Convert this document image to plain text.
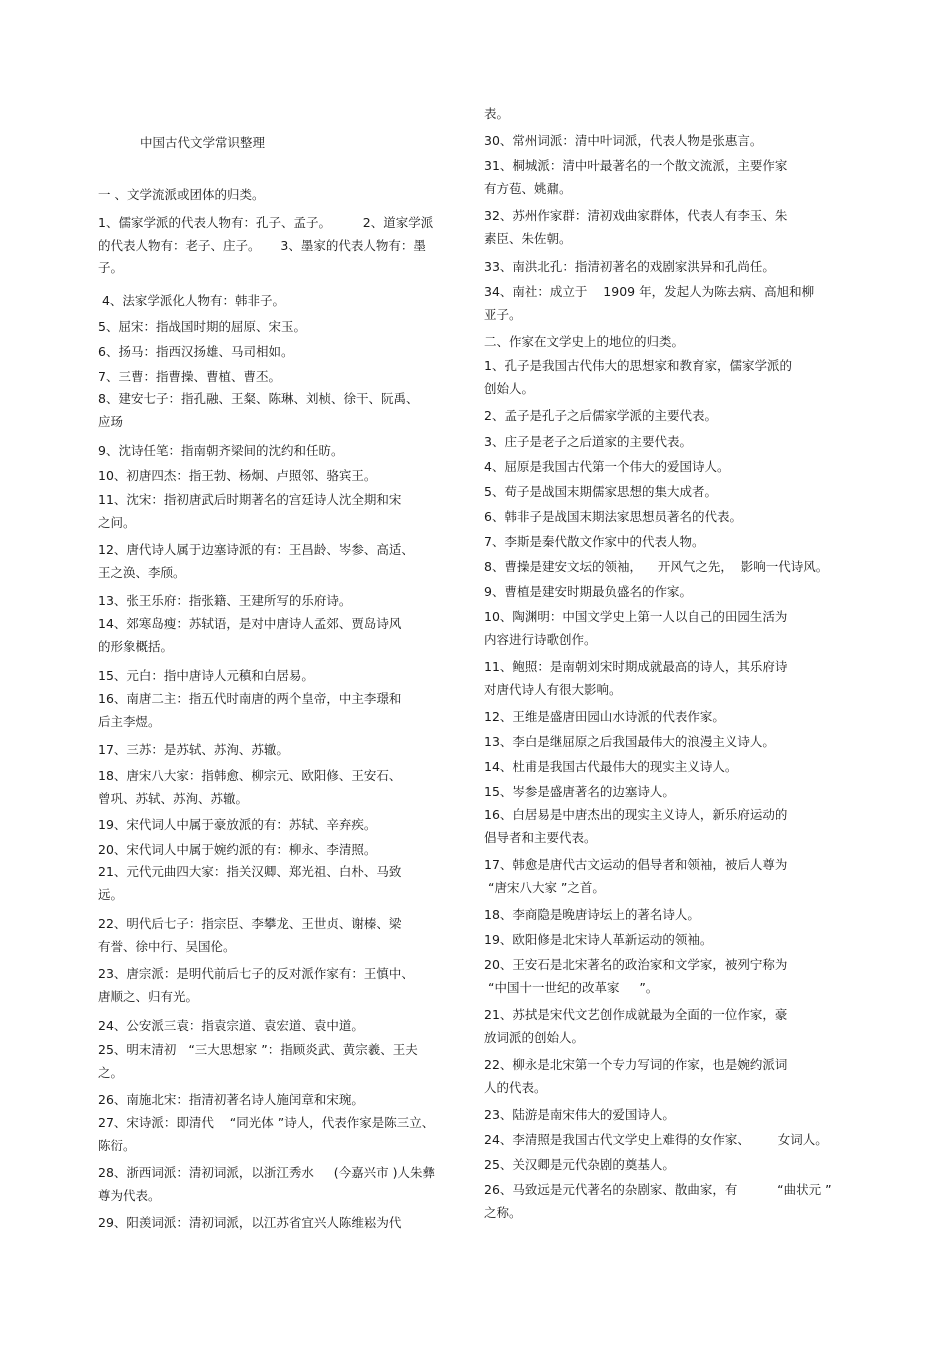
中国古代文学常识整理

一 、文学流派或团体的归类。

1、儒家学派的代表人物有：孔子、孟子。        2、道家学派
的代表人物有：老子、庄子。     3、墨家的代表人物有：墨
子。

4、法家学派化人物有：韩非子。

5、屈宋：指战国时期的屈原、宋玉。

6、扬马：指西汉扬雄、马司相如。

7、三曹：指曹操、曹植、曹丕。

8、建安七子：指孔融、王粲、陈琳、刘桢、徐干、阮禹、
应玚

9、沈诗任笔：指南朝齐梁间的沈约和任昉。

10、初唐四杰：指王勃、杨炯、卢照邻、骆宾王。

11、沈宋：指初唐武后时期著名的宫廷诗人沈全期和宋
之问。

12、唐代诗人属于边塞诗派的有：王昌龄、岑参、高适、
王之涣、李颀。

13、张王乐府：指张籍、王建所写的乐府诗。

14、郊寒岛瘦：苏轼语，是对中唐诗人孟郊、贾岛诗风
的形象概括。

15、元白：指中唐诗人元稹和白居易。

16、南唐二主：指五代时南唐的两个皇帝，中主李璟和
后主李煜。

17、三苏：是苏轼、苏洵、苏辙。

18、唐宋八大家：指韩愈、柳宗元、欧阳修、王安石、
曾巩、苏轼、苏洵、苏辙。

19、宋代词人中属于豪放派的有：苏轼、辛弃疾。

20、宋代词人中属于婉约派的有：柳永、李清照。

21、元代元曲四大家：指关汉卿、郑光祖、白朴、马致
远。

22、明代后七子：指宗臣、李攀龙、王世贞、谢榛、梁
有誉、徐中行、吴国伦。

23、唐宗派：是明代前后七子的反对派作家有：王慎中、
唐顺之、归有光。

24、公安派三袁：指袁宗道、袁宏道、袁中道。

25、明末清初   “三大思想家 ”：指顾炎武、黄宗羲、王夫
之。

26、南施北宋：指清初著名诗人施闰章和宋琬。

27、宋诗派：即清代    “同光体 ”诗人，代表作家是陈三立、
陈衍。

28、浙西词派：清初词派，以浙江秀水     (今嘉兴市 )人朱彝
尊为代表。

29、阳羡词派：清初词派，以江苏省宜兴人陈维崧为代

表。

30、常州词派：清中叶词派，代表人物是张惠言。

31、桐城派：清中叶最著名的一个散文流派，主要作家
有方苞、姚鼐。

32、苏州作家群：清初戏曲家群体，代表人有李玉、朱
素臣、朱佐朝。

33、南洪北孔：指清初著名的戏剧家洪异和孔尚任。

34、南社：成立于    1909 年，发起人为陈去病、高旭和柳
亚子。

二、作家在文学史上的地位的归类。

1、孔子是我国古代伟大的思想家和教育家，儒家学派的
创始人。

2、孟子是孔子之后儒家学派的主要代表。

3、庄子是老子之后道家的主要代表。

4、屈原是我国古代第一个伟大的爱国诗人。

5、荀子是战国末期儒家思想的集大成者。

6、韩非子是战国末期法家思想员著名的代表。

7、李斯是秦代散文作家中的代表人物。

8、曹操是建安文坛的领袖，    开风气之先，  影响一代诗风。

9、曹植是建安时期最负盛名的作家。

10、陶渊明：中国文学史上第一人以自己的田园生活为
内容进行诗歌创作。

11、鲍照：是南朝刘宋时期成就最高的诗人，其乐府诗
对唐代诗人有很大影响。

12、王维是盛唐田园山水诗派的代表作家。

13、李白是继屈原之后我国最伟大的浪漫主义诗人。

14、杜甫是我国古代最伟大的现实主义诗人。

15、岑参是盛唐著名的边塞诗人。

16、白居易是中唐杰出的现实主义诗人，新乐府运动的
倡导者和主要代表。

17、韩愈是唐代古文运动的倡导者和领袖，被后人尊为
“唐宋八大家 ”之首。

18、李商隐是晚唐诗坛上的著名诗人。

19、欧阳修是北宋诗人革新运动的领袖。

20、王安石是北宋著名的政治家和文学家，被列宁称为
“中国十一世纪的改革家     ”。

21、苏拭是宋代文艺创作成就最为全面的一位作家，豪
放词派的创始人。

22、柳永是北宋第一个专力写词的作家，也是婉约派词
人的代表。

23、陆游是南宋伟大的爱国诗人。

24、李清照是我国古代文学史上难得的女作家、       女词人。

25、关汉卿是元代杂剧的奠基人。

26、马致远是元代著名的杂剧家、散曲家，有          “曲状元 ”
之称。
